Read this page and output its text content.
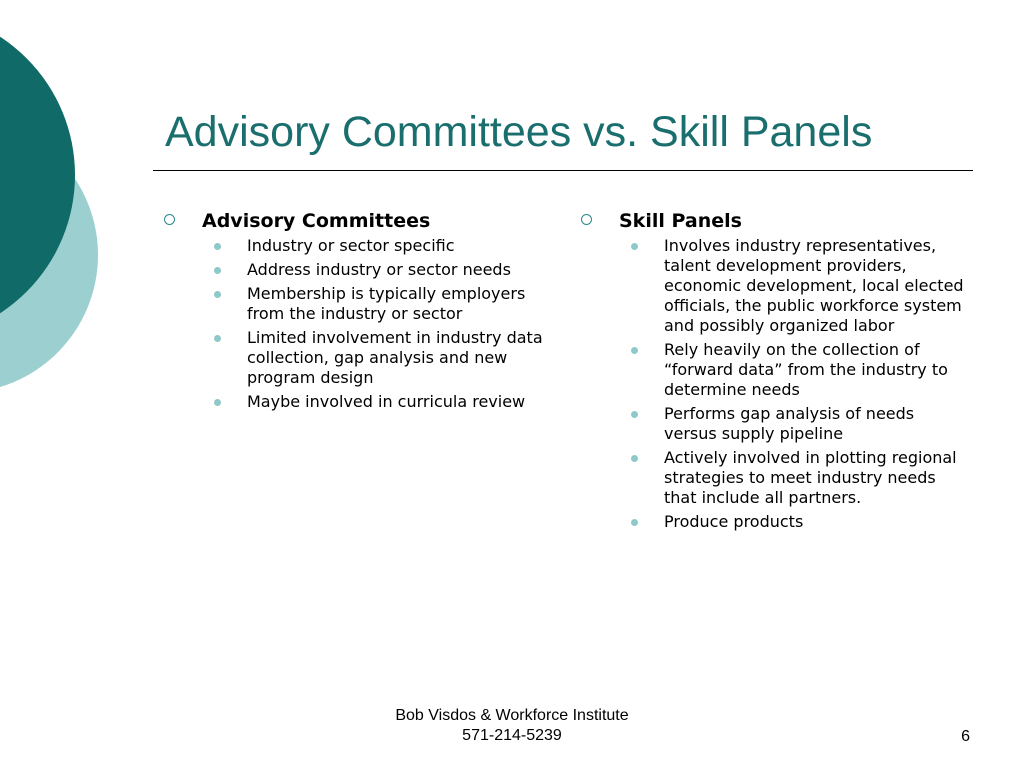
Advisory Committees vs. Skill Panels
Advisory Committees
Industry or sector specific
Address industry or sector needs
Membership is typically employers from the industry or sector
Limited involvement in industry data collection, gap analysis and new program design
Maybe involved in curricula review
Skill Panels
Involves industry representatives, talent development providers, economic development, local elected officials, the public workforce system and possibly organized labor
Rely heavily on the collection of “forward data” from the industry to determine needs
Performs gap analysis of needs versus supply pipeline
Actively involved in plotting regional strategies to meet industry needs that include all partners.
Produce products
Bob Visdos & Workforce Institute
571-214-5239	6
